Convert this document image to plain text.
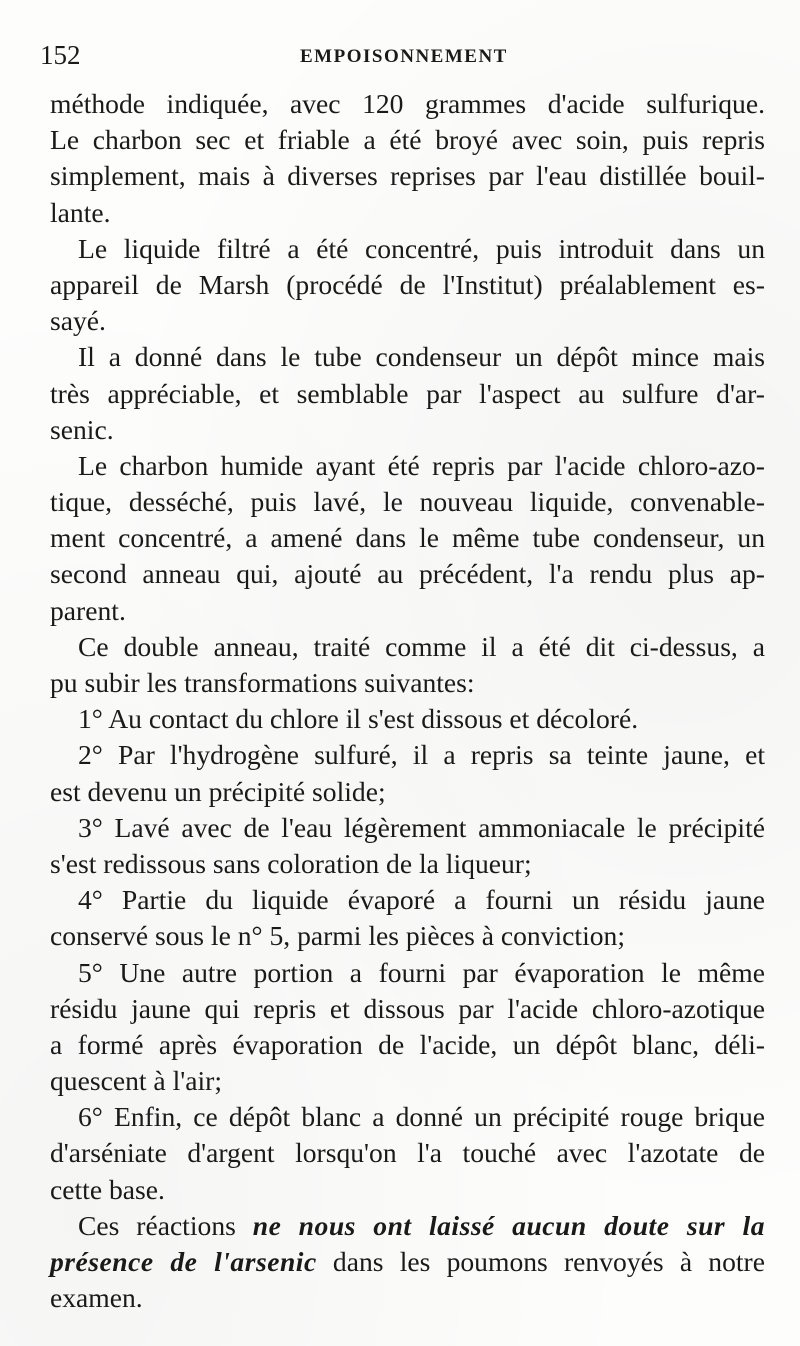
152	EMPOISONNEMENT
méthode indiquée, avec 120 grammes d'acide sulfurique.
Le charbon sec et friable a été broyé avec soin, puis repris
simplement, mais à diverses reprises par l'eau distillée bouil-
lante.
Le liquide filtré a été concentré, puis introduit dans un
appareil de Marsh (procédé de l'Institut) préalablement es-
sayé.
Il a donné dans le tube condenseur un dépôt mince mais
très appréciable, et semblable par l'aspect au sulfure d'ar-
senic.
Le charbon humide ayant été repris par l'acide chloro-azo-
tique, desséché, puis lavé, le nouveau liquide, convenable-
ment concentré, a amené dans le même tube condenseur, un
second anneau qui, ajouté au précédent, l'a rendu plus ap-
parent.
Ce double anneau, traité comme il a été dit ci-dessus, a
pu subir les transformations suivantes:
1° Au contact du chlore il s'est dissous et décoloré.
2° Par l'hydrogène sulfuré, il a repris sa teinte jaune, et
est devenu un précipité solide;
3° Lavé avec de l'eau légèrement ammoniacale le précipité
s'est redissous sans coloration de la liqueur;
4° Partie du liquide évaporé a fourni un résidu jaune
conservé sous le n° 5, parmi les pièces à conviction;
5° Une autre portion a fourni par évaporation le même
résidu jaune qui repris et dissous par l'acide chloro-azotique
a formé après évaporation de l'acide, un dépôt blanc, déli-
quescent à l'air;
6° Enfin, ce dépôt blanc a donné un précipité rouge brique
d'arséniate d'argent lorsqu'on l'a touché avec l'azotate de
cette base.
Ces réactions ne nous ont laissé aucun doute sur la
présence de l'arsenic dans les poumons renvoyés à notre
examen.
